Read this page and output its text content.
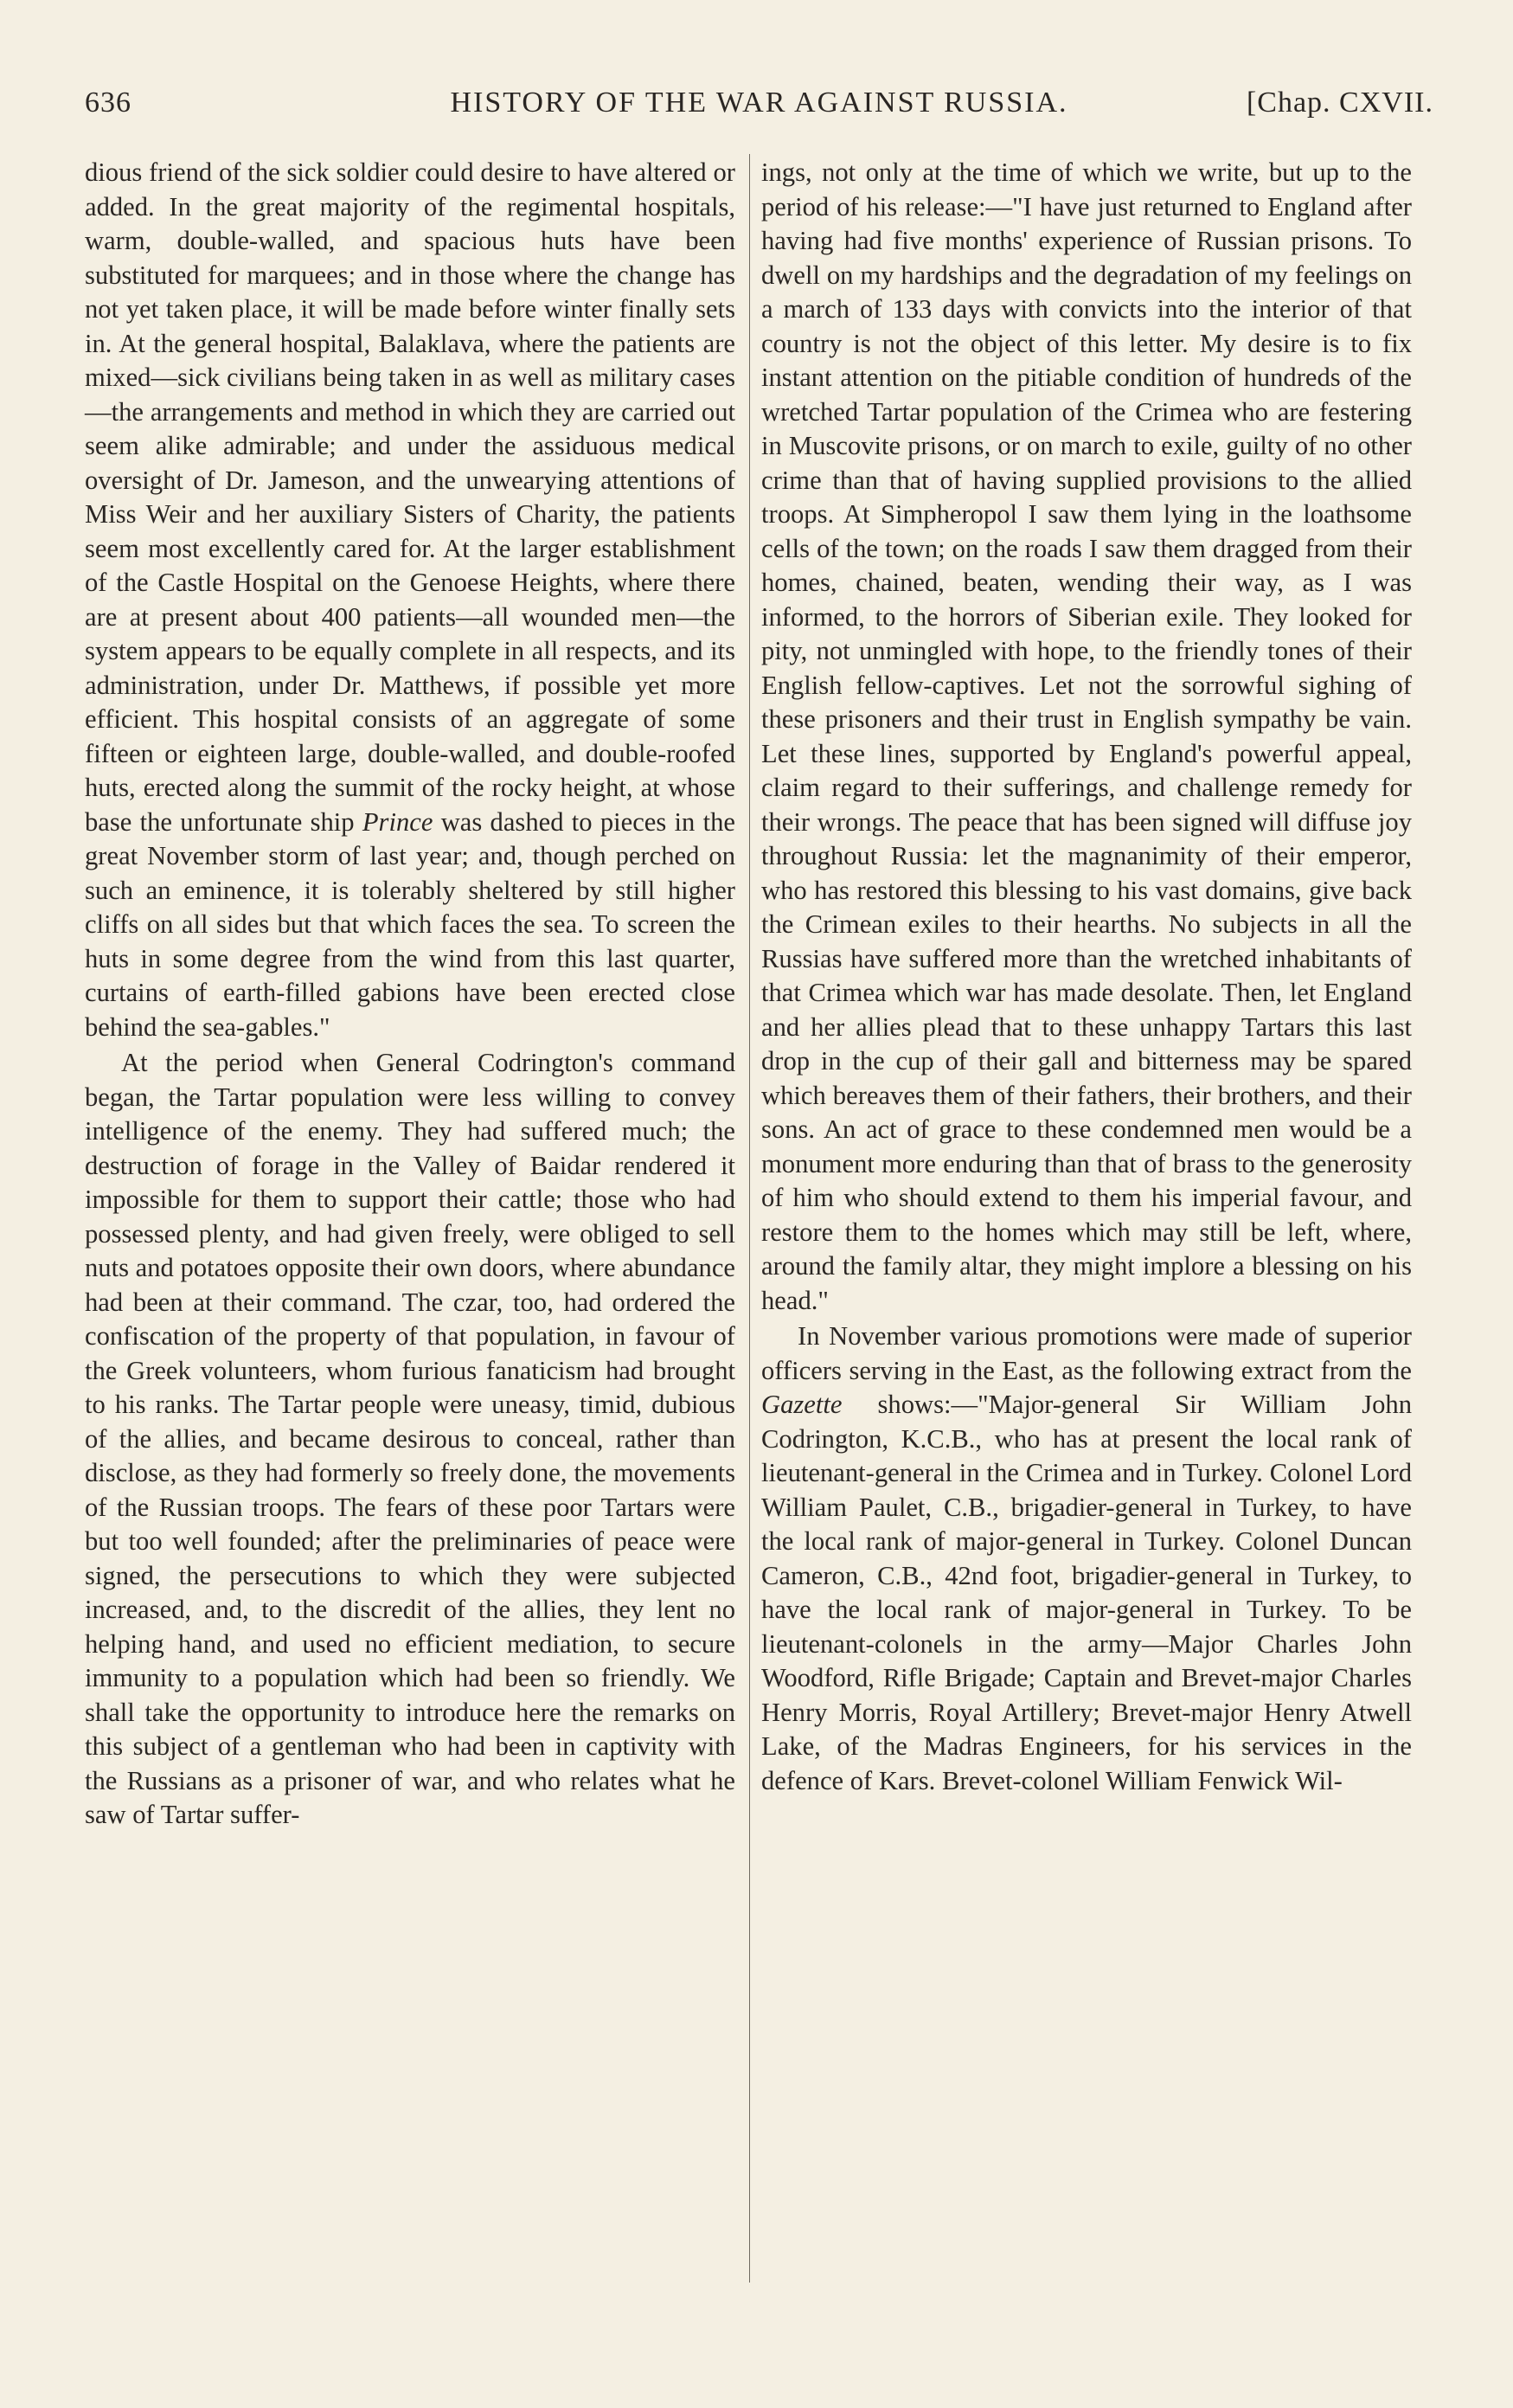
636	HISTORY OF THE WAR AGAINST RUSSIA.	[Chap. CXVII.

dious friend of the sick soldier could desire to have altered or added. In the great majority of the regimental hospitals, warm, double-walled, and spacious huts have been substituted for marquees; and in those where the change has not yet taken place, it will be made before winter finally sets in. At the general hospital, Balaklava, where the patients are mixed—sick civilians being taken in as well as military cases—the arrangements and method in which they are carried out seem alike admirable; and under the assiduous medical oversight of Dr. Jameson, and the unwearying attentions of Miss Weir and her auxiliary Sisters of Charity, the patients seem most excellently cared for. At the larger establishment of the Castle Hospital on the Genoese Heights, where there are at present about 400 patients—all wounded men—the system appears to be equally complete in all respects, and its administration, under Dr. Matthews, if possible yet more efficient. This hospital consists of an aggregate of some fifteen or eighteen large, double-walled, and double-roofed huts, erected along the summit of the rocky height, at whose base the unfortunate ship Prince was dashed to pieces in the great November storm of last year; and, though perched on such an eminence, it is tolerably sheltered by still higher cliffs on all sides but that which faces the sea. To screen the huts in some degree from the wind from this last quarter, curtains of earth-filled gabions have been erected close behind the sea-gables."

At the period when General Codrington's command began, the Tartar population were less willing to convey intelligence of the enemy. They had suffered much; the destruction of forage in the Valley of Baidar rendered it impossible for them to support their cattle; those who had possessed plenty, and had given freely, were obliged to sell nuts and potatoes opposite their own doors, where abundance had been at their command. The czar, too, had ordered the confiscation of the property of that population, in favour of the Greek volunteers, whom furious fanaticism had brought to his ranks. The Tartar people were uneasy, timid, dubious of the allies, and became desirous to conceal, rather than disclose, as they had formerly so freely done, the movements of the Russian troops. The fears of these poor Tartars were but too well founded; after the preliminaries of peace were signed, the persecutions to which they were subjected increased, and, to the discredit of the allies, they lent no helping hand, and used no efficient mediation, to secure immunity to a population which had been so friendly. We shall take the opportunity to introduce here the remarks on this subject of a gentleman who had been in captivity with the Russians as a prisoner of war, and who relates what he saw of Tartar suffer-

ings, not only at the time of which we write, but up to the period of his release:—"I have just returned to England after having had five months' experience of Russian prisons. To dwell on my hardships and the degradation of my feelings on a march of 133 days with convicts into the interior of that country is not the object of this letter. My desire is to fix instant attention on the pitiable condition of hundreds of the wretched Tartar population of the Crimea who are festering in Muscovite prisons, or on march to exile, guilty of no other crime than that of having supplied provisions to the allied troops. At Simpheropol I saw them lying in the loathsome cells of the town; on the roads I saw them dragged from their homes, chained, beaten, wending their way, as I was informed, to the horrors of Siberian exile. They looked for pity, not unmingled with hope, to the friendly tones of their English fellow-captives. Let not the sorrowful sighing of these prisoners and their trust in English sympathy be vain. Let these lines, supported by England's powerful appeal, claim regard to their sufferings, and challenge remedy for their wrongs. The peace that has been signed will diffuse joy throughout Russia: let the magnanimity of their emperor, who has restored this blessing to his vast domains, give back the Crimean exiles to their hearths. No subjects in all the Russias have suffered more than the wretched inhabitants of that Crimea which war has made desolate. Then, let England and her allies plead that to these unhappy Tartars this last drop in the cup of their gall and bitterness may be spared which bereaves them of their fathers, their brothers, and their sons. An act of grace to these condemned men would be a monument more enduring than that of brass to the generosity of him who should extend to them his imperial favour, and restore them to the homes which may still be left, where, around the family altar, they might implore a blessing on his head."

In November various promotions were made of superior officers serving in the East, as the following extract from the Gazette shows:—"Major-general Sir William John Codrington, K.C.B., who has at present the local rank of lieutenant-general in the Crimea and in Turkey. Colonel Lord William Paulet, C.B., brigadier-general in Turkey, to have the local rank of major-general in Turkey. Colonel Duncan Cameron, C.B., 42nd foot, brigadier-general in Turkey, to have the local rank of major-general in Turkey. To be lieutenant-colonels in the army—Major Charles John Woodford, Rifle Brigade; Captain and Brevet-major Charles Henry Morris, Royal Artillery; Brevet-major Henry Atwell Lake, of the Madras Engineers, for his services in the defence of Kars. Brevet-colonel William Fenwick Wil-
